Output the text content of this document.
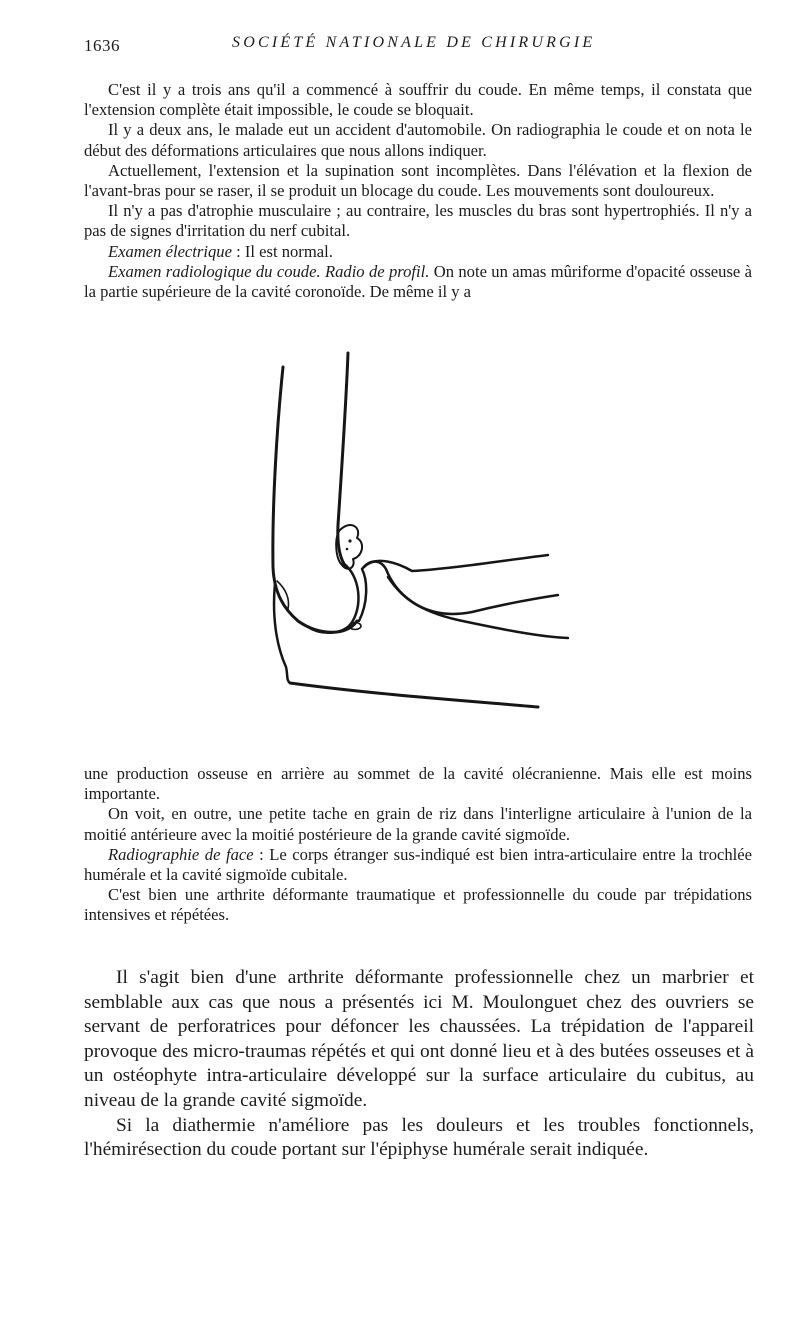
1636	SOCIÉTÉ NATIONALE DE CHIRURGIE

C'est il y a trois ans qu'il a commencé à souffrir du coude. En même temps, il constata que l'extension complète était impossible, le coude se bloquait.

Il y a deux ans, le malade eut un accident d'automobile. On radiographia le coude et on nota le début des déformations articulaires que nous allons indiquer.

Actuellement, l'extension et la supination sont incomplètes. Dans l'élévation et la flexion de l'avant-bras pour se raser, il se produit un blocage du coude. Les mouvements sont douloureux.

Il n'y a pas d'atrophie musculaire ; au contraire, les muscles du bras sont hypertrophiés. Il n'y a pas de signes d'irritation du nerf cubital.

Examen électrique : Il est normal.

Examen radiologique du coude. Radio de profil. On note un amas mûriforme d'opacité osseuse à la partie supérieure de la cavité coronoïde. De même il y a

une production osseuse en arrière au sommet de la cavité olécranienne. Mais elle est moins importante.

On voit, en outre, une petite tache en grain de riz dans l'interligne articulaire à l'union de la moitié antérieure avec la moitié postérieure de la grande cavité sigmoïde.

Radiographie de face : Le corps étranger sus-indiqué est bien intra-articulaire entre la trochlée humérale et la cavité sigmoïde cubitale.

C'est bien une arthrite déformante traumatique et professionnelle du coude par trépidations intensives et répétées.

Il s'agit bien d'une arthrite déformante professionnelle chez un marbrier et semblable aux cas que nous a présentés ici M. Moulonguet chez des ouvriers se servant de perforatrices pour défoncer les chaussées. La trépidation de l'appareil provoque des micro-traumas répétés et qui ont donné lieu et à des butées osseuses et à un ostéophyte intra-articulaire développé sur la surface articulaire du cubitus, au niveau de la grande cavité sigmoïde.

Si la diathermie n'améliore pas les douleurs et les troubles fonctionnels, l'hémirésection du coude portant sur l'épiphyse humérale serait indiquée.
